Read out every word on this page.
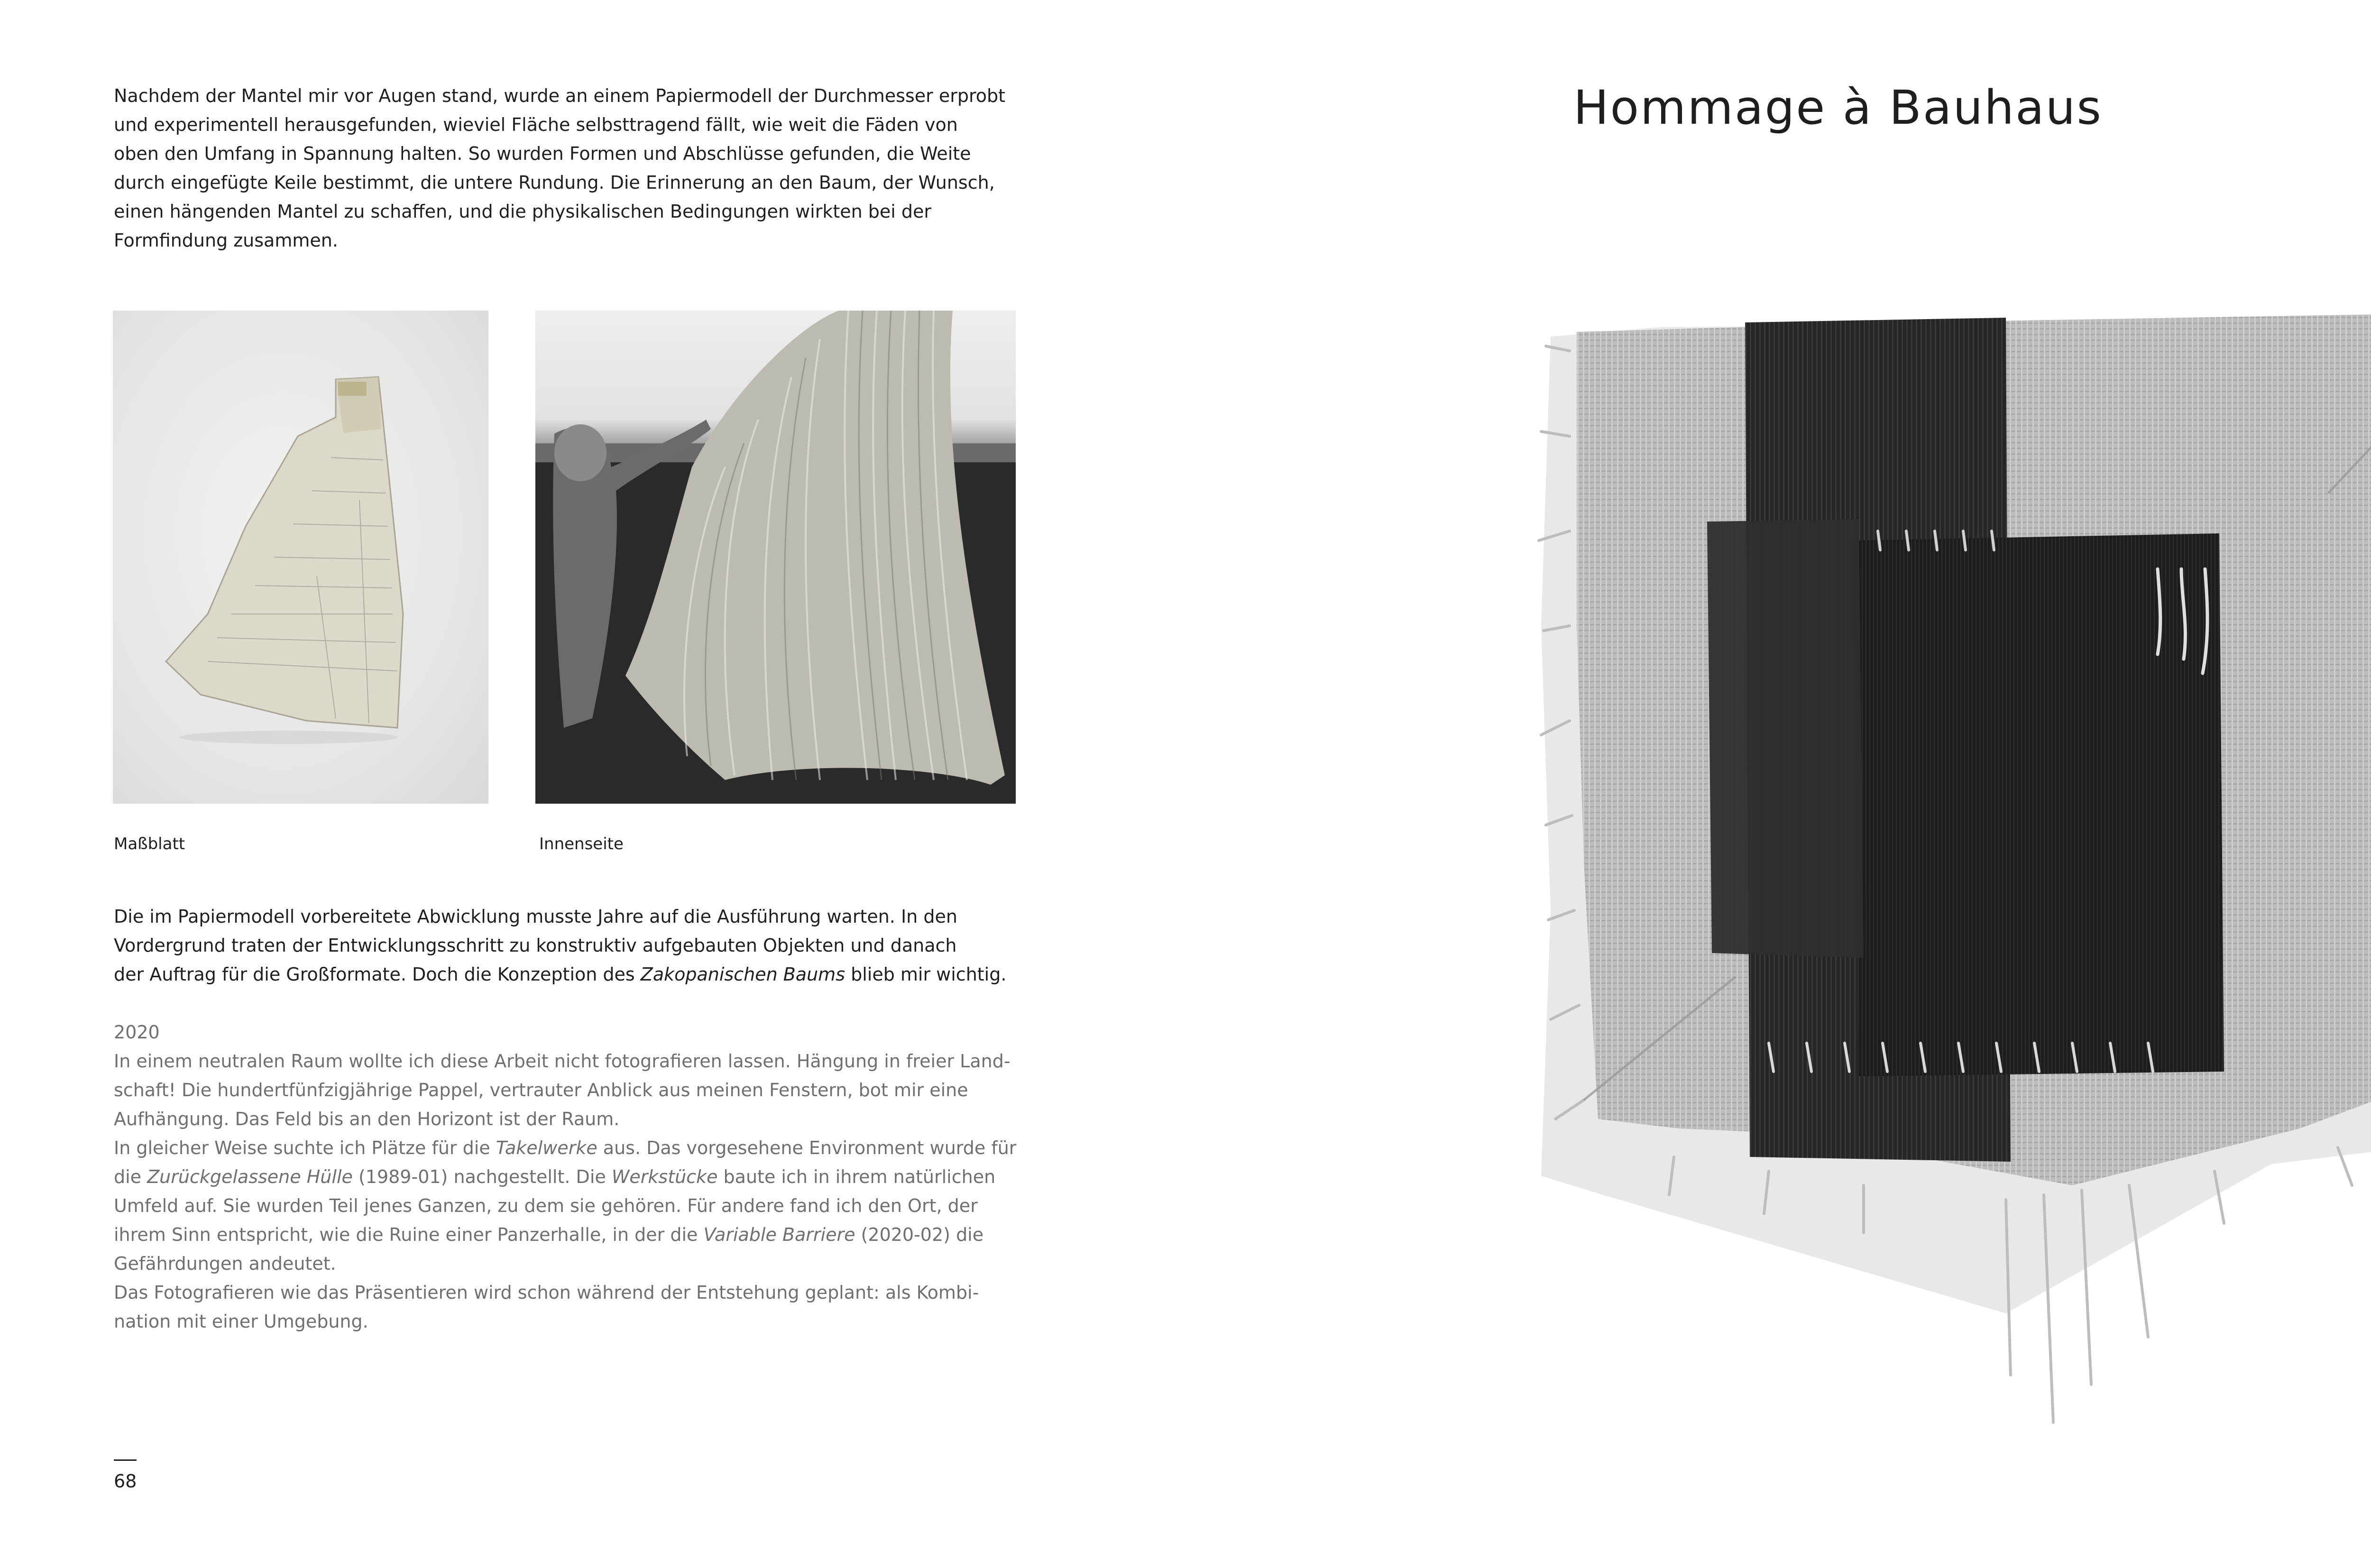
Nachdem der Mantel mir vor Augen stand, wurde an einem Papiermodell der Durchmesser erprobt
und experimentell herausgefunden, wieviel Fläche selbsttragend fällt, wie weit die Fäden von
oben den Umfang in Spannung halten. So wurden Formen und Abschlüsse gefunden, die Weite
durch eingefügte Keile bestimmt, die untere Rundung. Die Erinnerung an den Baum, der Wunsch,
einen hängenden Mantel zu schaffen, und die physikalischen Bedingungen wirkten bei der
Formfindung zusammen.

Maßblatt	Innenseite

Die im Papiermodell vorbereitete Abwicklung musste Jahre auf die Ausführung warten. In den
Vordergrund traten der Entwicklungsschritt zu konstruktiv aufgebauten Objekten und danach
der Auftrag für die Großformate. Doch die Konzeption des Zakopanischen Baums blieb mir wichtig.

2020
In einem neutralen Raum wollte ich diese Arbeit nicht fotografieren lassen. Hängung in freier Land-
schaft! Die hundertfünfzigjährige Pappel, vertrauter Anblick aus meinen Fenstern, bot mir eine
Aufhängung. Das Feld bis an den Horizont ist der Raum.
In gleicher Weise suchte ich Plätze für die Takelwerke aus. Das vorgesehene Environment wurde für
die Zurückgelassene Hülle (1989-01) nachgestellt. Die Werkstücke baute ich in ihrem natürlichen
Umfeld auf. Sie wurden Teil jenes Ganzen, zu dem sie gehören. Für andere fand ich den Ort, der
ihrem Sinn entspricht, wie die Ruine einer Panzerhalle, in der die Variable Barriere (2020-02) die
Gefährdungen andeutet.
Das Fotografieren wie das Präsentieren wird schon während der Entstehung geplant: als Kombi-
nation mit einer Umgebung.

68

Hommage à Bauhaus
